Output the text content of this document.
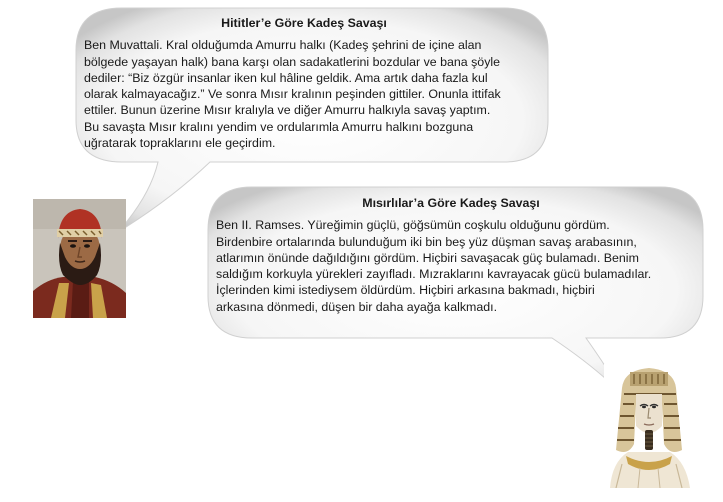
Hititler’e Göre Kadeş Savaşı
Ben Muvattali. Kral olduğumda Amurru halkı (Kadeş şehrini de içine alan
bölgede yaşayan halk) bana karşı olan sadakatlerini bozdular ve bana şöyle
dediler: “Biz özgür insanlar iken kul hâline geldik. Ama artık daha fazla kul
olarak kalmayacağız.” Ve sonra Mısır kralının peşinden gittiler. Onunla ittifak
ettiler. Bunun üzerine Mısır kralıyla ve diğer Amurru halkıyla savaş yaptım.
Bu savaşta Mısır kralını yendim ve ordularımla Amurru halkını bozguna
uğratarak topraklarını ele geçirdim.
Mısırlılar’a Göre Kadeş Savaşı
Ben II. Ramses. Yüreğimin güçlü, göğsümün coşkulu olduğunu gördüm.
Birdenbire ortalarında bulunduğum iki bin beş yüz düşman savaş arabasının,
atlarımın önünde dağıldığını gördüm. Hiçbiri savaşacak güç bulamadı. Benim
saldığım korkuyla yürekleri zayıfladı. Mızraklarını kavrayacak gücü bulamadılar.
İçlerinden kimi istediysem öldürdüm. Hiçbiri arkasına bakmadı, hiçbiri
arkasına dönmedi, düşen bir daha ayağa kalkmadı.
